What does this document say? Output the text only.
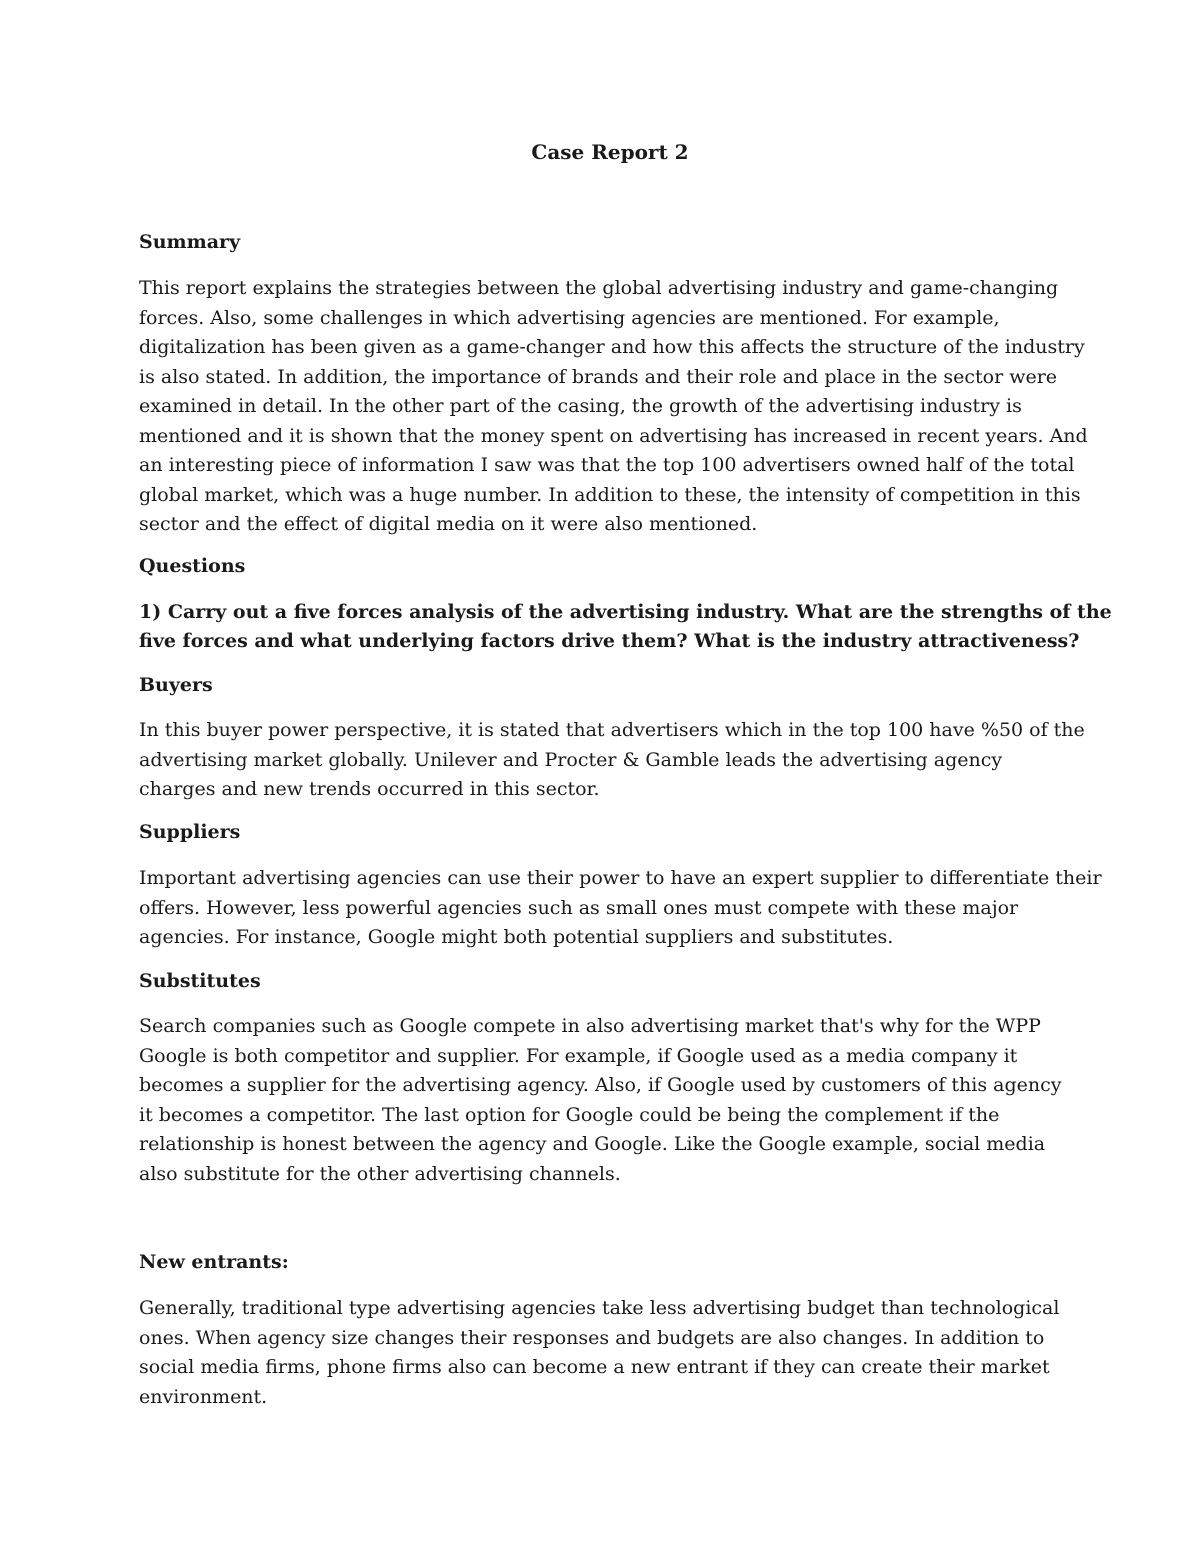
Case Report 2
Summary

This report explains the strategies between the global advertising industry and game-changing
forces. Also, some challenges in which advertising agencies are mentioned. For example,
digitalization has been given as a game-changer and how this affects the structure of the industry
is also stated. In addition, the importance of brands and their role and place in the sector were
examined in detail. In the other part of the casing, the growth of the advertising industry is
mentioned and it is shown that the money spent on advertising has increased in recent years. And
an interesting piece of information I saw was that the top 100 advertisers owned half of the total
global market, which was a huge number. In addition to these, the intensity of competition in this
sector and the effect of digital media on it were also mentioned.

Questions

1) Carry out a five forces analysis of the advertising industry. What are the strengths of the
five forces and what underlying factors drive them? What is the industry attractiveness?

Buyers

In this buyer power perspective, it is stated that advertisers which in the top 100 have %50 of the
advertising market globally. Unilever and Procter & Gamble leads the advertising agency
charges and new trends occurred in this sector.

Suppliers

Important advertising agencies can use their power to have an expert supplier to differentiate their
offers. However, less powerful agencies such as small ones must compete with these major
agencies. For instance, Google might both potential suppliers and substitutes.

Substitutes

Search companies such as Google compete in also advertising market that's why for the WPP
Google is both competitor and supplier. For example, if Google used as a media company it
becomes a supplier for the advertising agency. Also, if Google used by customers of this agency
it becomes a competitor. The last option for Google could be being the complement if the
relationship is honest between the agency and Google. Like the Google example, social media
also substitute for the other advertising channels.

New entrants:

Generally, traditional type advertising agencies take less advertising budget than technological
ones. When agency size changes their responses and budgets are also changes. In addition to
social media firms, phone firms also can become a new entrant if they can create their market
environment.
